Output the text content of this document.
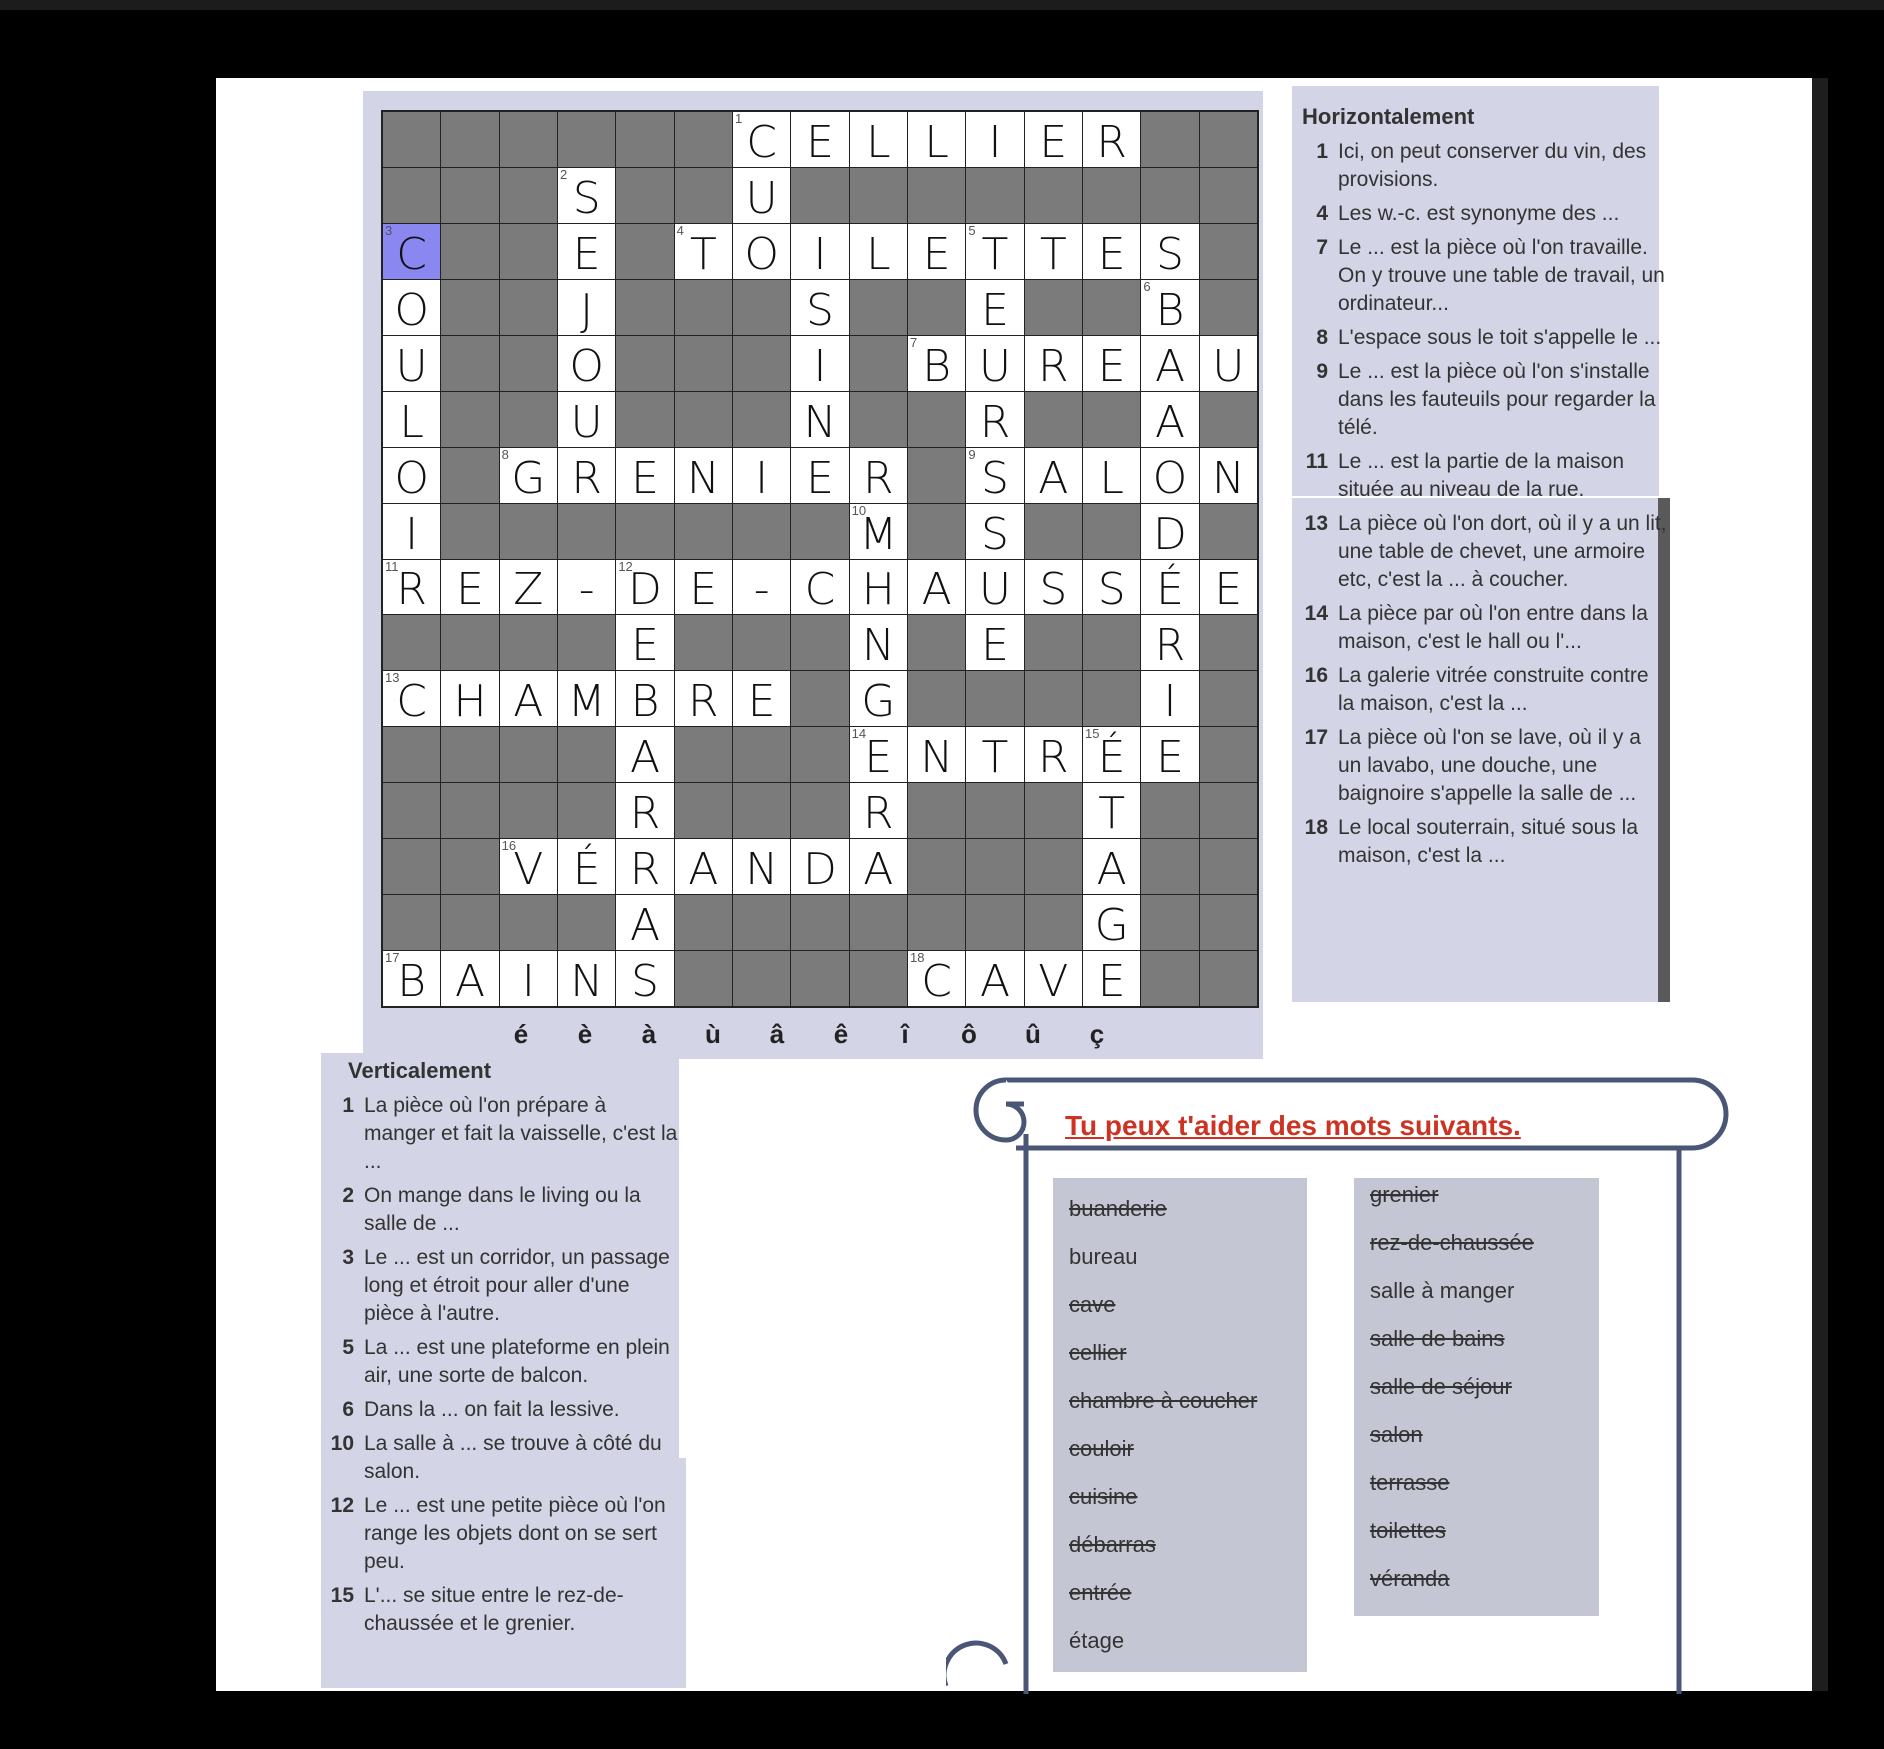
1 C E L L I E R
2 S	U
3 C	E	4 T O I L E	5 T T E S
O	J	S	E	6 B
U	O	I	7 B U R E A U
L	U	N	R	A
O	8 G R E N I E R	9 S A L O N
I	10
M	S	D
11
R E Z -	12
D E - C H A U S S É E
E	N	E	R
13
C H A M B R E	G	I
A	14
E N T R	15
É E
R	R	T
16
V É R A N D A	A
A	G
17
B A I N S	18
C A V E
é è à ù â ê	î	ô û ç
Horizontalement
1 Ici, on peut conserver du vin, des provisions.
4 Les w.-c. est synonyme des ...
7 Le ... est la pièce où l'on travaille. On y trouve une table de travail, un ordinateur...
8 L'espace sous le toit s'appelle le ...
9 Le ... est la pièce où l'on s'installe dans les fauteuils pour regarder la télé.
11 Le ... est la partie de la maison située au niveau de la rue.
13 La pièce où l'on dort, où il y a un lit, une table de chevet, une armoire etc, c'est la ... à coucher.
14 La pièce par où l'on entre dans la maison, c'est le hall ou l'...
16 La galerie vitrée construite contre la maison, c'est la ...
17 La pièce où l'on se lave, où il y a un lavabo, une douche, une baignoire s'appelle la salle de ...
18 Le local souterrain, situé sous la maison, c'est la ...
Verticalement
1 La pièce où l'on prépare à manger et fait la vaisselle, c'est la ...
2 On mange dans le living ou la salle de ...
3 Le ... est un corridor, un passage long et étroit pour aller d'une pièce à l'autre.
5 La ... est une plateforme en plein air, une sorte de balcon.
6 Dans la ... on fait la lessive.
10 La salle à ... se trouve à côté du salon.
12 Le ... est une petite pièce où l'on range les objets dont on se sert peu.
15 L'... se situe entre le rez-de-chaussée et le grenier.
Tu peux t'aider des mots suivants.
buanderie
bureau
cave
cellier
chambre à coucher
couloir
cuisine
débarras
entrée
étage
grenier
rez-de-chaussée
salle à manger
salle de bains
salle de séjour
salon
terrasse
toilettes
véranda
